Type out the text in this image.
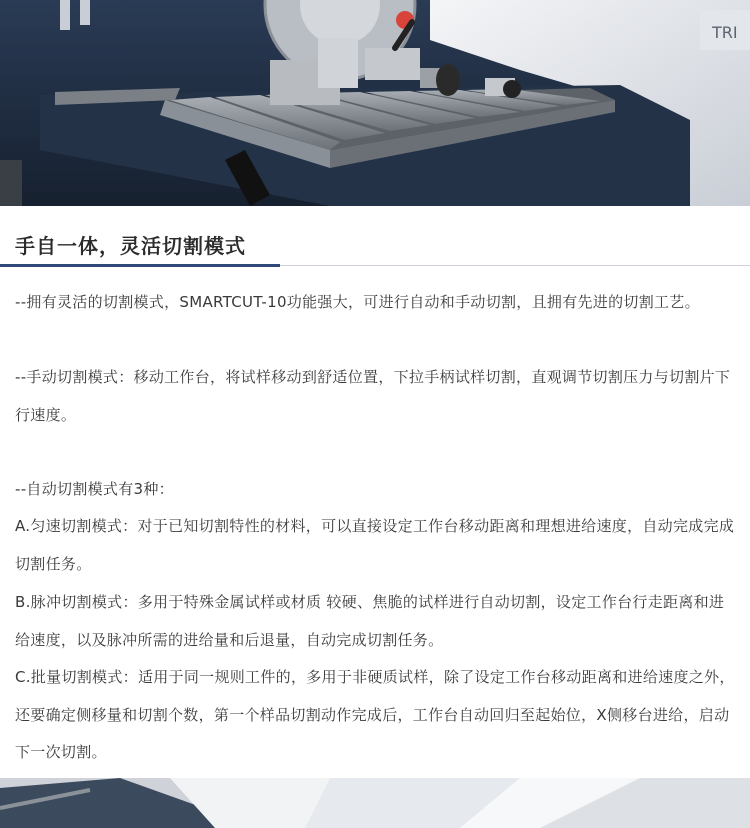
TRI
手自一体，灵活切割模式

--拥有灵活的切割模式，SMARTCUT-10功能强大，可进行自动和手动切割，且拥有先进的切割工艺。

--手动切割模式：移动工作台，将试样移动到舒适位置，下拉手柄试样切割，直观调节切割压力与切割片下行速度。

--自动切割模式有3种：

A.匀速切割模式：对于已知切割特性的材料，可以直接设定工作台移动距离和理想进给速度，自动完成完成切割任务。

B.脉冲切割模式：多用于特殊金属试样或材质 较硬、焦脆的试样进行自动切割，设定工作台行走距离和进给速度，以及脉冲所需的进给量和后退量，自动完成切割任务。

C.批量切割模式：适用于同一规则工件的，多用于非硬质试样，除了设定工作台移动距离和进给速度之外，还要确定侧移量和切割个数，第一个样品切割动作完成后，工作台自动回归至起始位，X侧移台进给，启动下一次切割。
